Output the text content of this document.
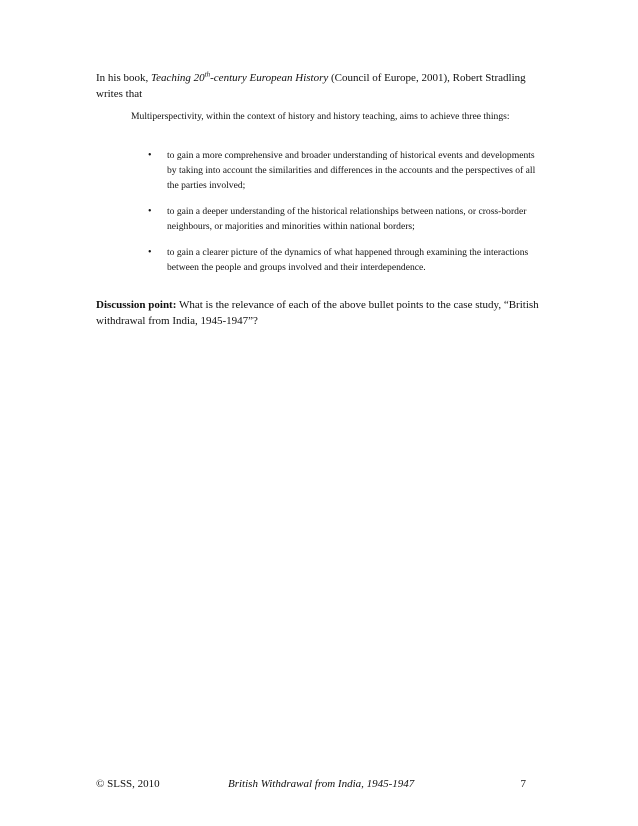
In his book, Teaching 20th-century European History (Council of Europe, 2001), Robert Stradling writes that

Multiperspectivity, within the context of history and history teaching, aims to achieve three things:

• to gain a more comprehensive and broader understanding of historical events and developments by taking into account the similarities and differences in the accounts and the perspectives of all the parties involved;
• to gain a deeper understanding of the historical relationships between nations, or cross-border neighbours, or majorities and minorities within national borders;
• to gain a clearer picture of the dynamics of what happened through examining the interactions between the people and groups involved and their interdependence.

Discussion point: What is the relevance of each of the above bullet points to the case study, “British withdrawal from India, 1945-1947”?

© SLSS, 2010	British Withdrawal from India, 1945-1947	7
